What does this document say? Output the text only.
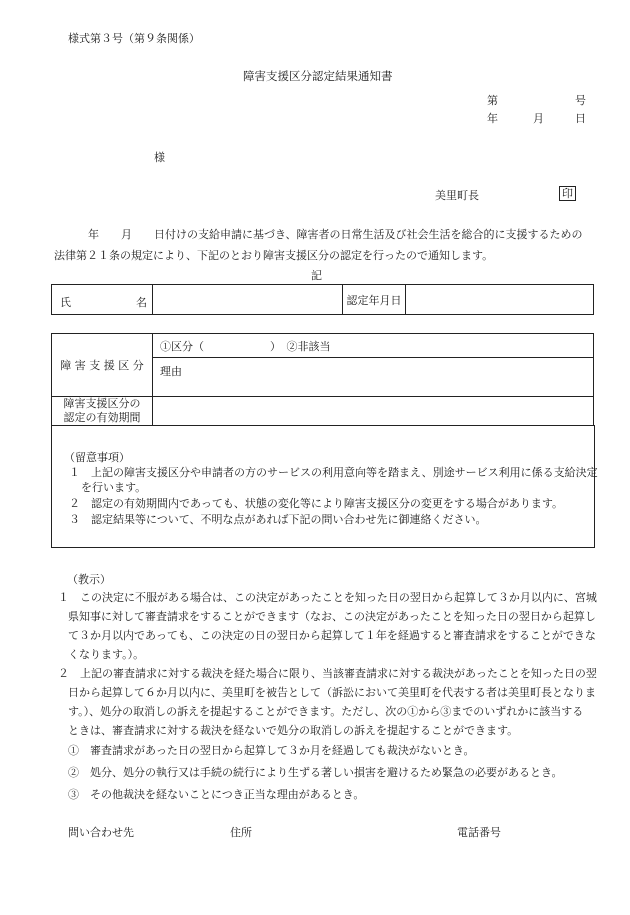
様式第３号（第９条関係）
障害支援区分認定結果通知書
第	号
年	月	日
様
美里町長	印
年　　月　　日付けの支給申請に基づき、障害者の日常生活及び社会生活を総合的に支援するための
法律第２１条の規定により、下記のとおり障害支援区分の認定を行ったので通知します。
記
氏	名		認定年月日	
障 害 支 援 区 分	①区分（　　　　　　）　②非該当
	理由
障害支援区分の
認定の有効期間	
（留意事項）
１　上記の障害支援区分や申請者の方のサービスの利用意向等を踏まえ、別途サービス利用に係る支給決定
を行います。
２　認定の有効期間内であっても、状態の変化等により障害支援区分の変更をする場合があります。
３　認定結果等について、不明な点があれば下記の問い合わせ先に御連絡ください。
（教示）
１　この決定に不服がある場合は、この決定があったことを知った日の翌日から起算して３か月以内に、宮城
県知事に対して審査請求をすることができます（なお、この決定があったことを知った日の翌日から起算し
て３か月以内であっても、この決定の日の翌日から起算して１年を経過すると審査請求をすることができな
くなります。）。
２　上記の審査請求に対する裁決を経た場合に限り、当該審査請求に対する裁決があったことを知った日の翌
日から起算して６か月以内に、美里町を被告として（訴訟において美里町を代表する者は美里町長となりま
す。）、処分の取消しの訴えを提起することができます。ただし、次の①から③までのいずれかに該当する
ときは、審査請求に対する裁決を経ないで処分の取消しの訴えを提起することができます。
①　審査請求があった日の翌日から起算して３か月を経過しても裁決がないとき。
②　処分、処分の執行又は手続の続行により生ずる著しい損害を避けるため緊急の必要があるとき。
③　その他裁決を経ないことにつき正当な理由があるとき。
問い合わせ先	住所	電話番号
